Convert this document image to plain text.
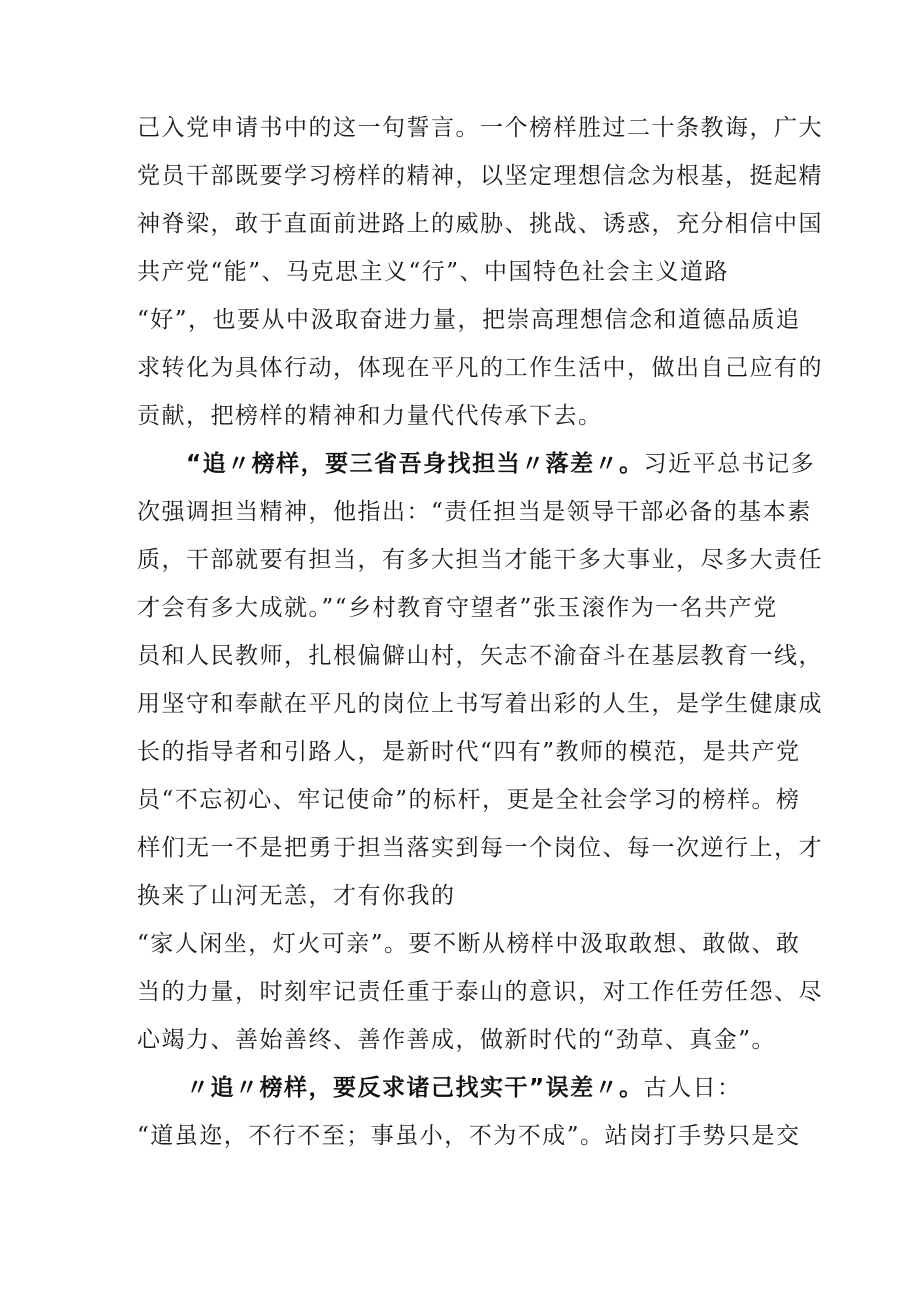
己入党申请书中的这一句誓言。一个榜样胜过二十条教诲，广大
党员干部既要学习榜样的精神，以坚定理想信念为根基，挺起精
神脊梁，敢于直面前进路上的威胁、挑战、诱惑，充分相信中国
共产党“能”、马克思主义“行”、中国特色社会主义道路
“好”，也要从中汲取奋进力量，把崇高理想信念和道德品质追
求转化为具体行动，体现在平凡的工作生活中，做出自己应有的
贡献，把榜样的精神和力量代代传承下去。
“追〃榜样，要三省吾身找担当〃落差〃。习近平总书记多
次强调担当精神，他指出：“责任担当是领导干部必备的基本素
质，干部就要有担当，有多大担当才能干多大事业，尽多大责任
才会有多大成就。”“乡村教育守望者”张玉滚作为一名共产党
员和人民教师，扎根偏僻山村，矢志不渝奋斗在基层教育一线，
用坚守和奉献在平凡的岗位上书写着出彩的人生，是学生健康成
长的指导者和引路人，是新时代“四有”教师的模范，是共产党
员“不忘初心、牢记使命”的标杆，更是全社会学习的榜样。榜
样们无一不是把勇于担当落实到每一个岗位、每一次逆行上，才
换来了山河无恙，才有你我的
“家人闲坐，灯火可亲”。要不断从榜样中汲取敢想、敢做、敢
当的力量，时刻牢记责任重于泰山的意识，对工作任劳任怨、尽
心竭力、善始善终、善作善成，做新时代的“劲草、真金”。
〃追〃榜样，要反求诸己找实干”误差〃。古人日：
“道虽迩，不行不至；事虽小，不为不成”。站岗打手势只是交
